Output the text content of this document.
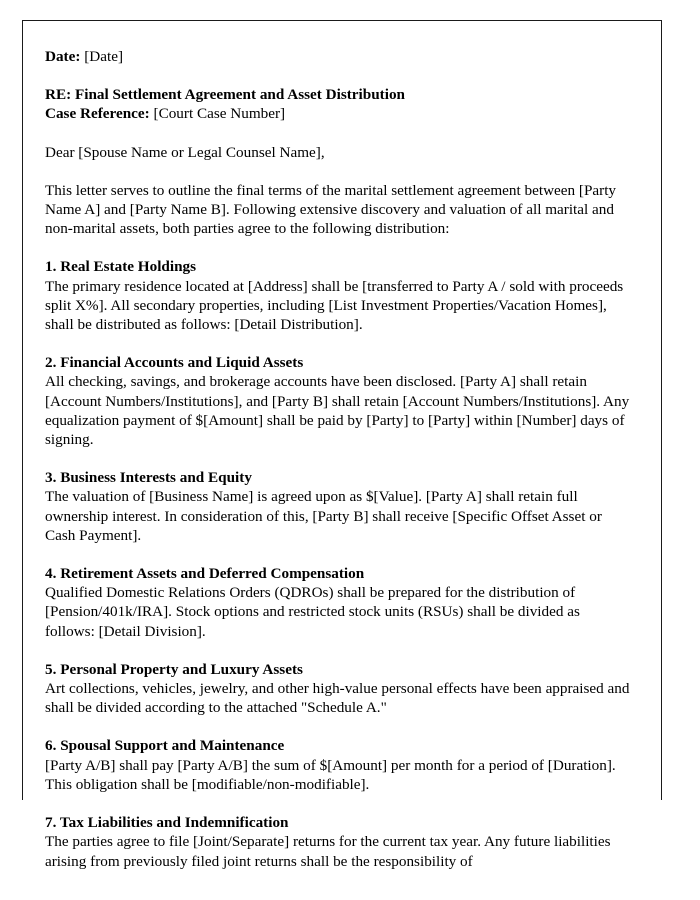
Date: [Date]

RE: Final Settlement Agreement and Asset Distribution

Case Reference: [Court Case Number]

Dear [Spouse Name or Legal Counsel Name],

This letter serves to outline the final terms of the marital settlement agreement between [Party Name A] and [Party Name B]. Following extensive discovery and valuation of all marital and non-marital assets, both parties agree to the following distribution:

1. Real Estate Holdings

The primary residence located at [Address] shall be [transferred to Party A / sold with proceeds split X%]. All secondary properties, including [List Investment Properties/Vacation Homes], shall be distributed as follows: [Detail Distribution].

2. Financial Accounts and Liquid Assets

All checking, savings, and brokerage accounts have been disclosed. [Party A] shall retain [Account Numbers/Institutions], and [Party B] shall retain [Account Numbers/Institutions]. Any equalization payment of $[Amount] shall be paid by [Party] to [Party] within [Number] days of signing.

3. Business Interests and Equity

The valuation of [Business Name] is agreed upon as $[Value]. [Party A] shall retain full ownership interest. In consideration of this, [Party B] shall receive [Specific Offset Asset or Cash Payment].

4. Retirement Assets and Deferred Compensation

Qualified Domestic Relations Orders (QDROs) shall be prepared for the distribution of [Pension/401k/IRA]. Stock options and restricted stock units (RSUs) shall be divided as follows: [Detail Division].

5. Personal Property and Luxury Assets

Art collections, vehicles, jewelry, and other high-value personal effects have been appraised and shall be divided according to the attached "Schedule A."

6. Spousal Support and Maintenance

[Party A/B] shall pay [Party A/B] the sum of $[Amount] per month for a period of [Duration]. This obligation shall be [modifiable/non-modifiable].

7. Tax Liabilities and Indemnification

The parties agree to file [Joint/Separate] returns for the current tax year. Any future liabilities arising from previously filed joint returns shall be the responsibility of
